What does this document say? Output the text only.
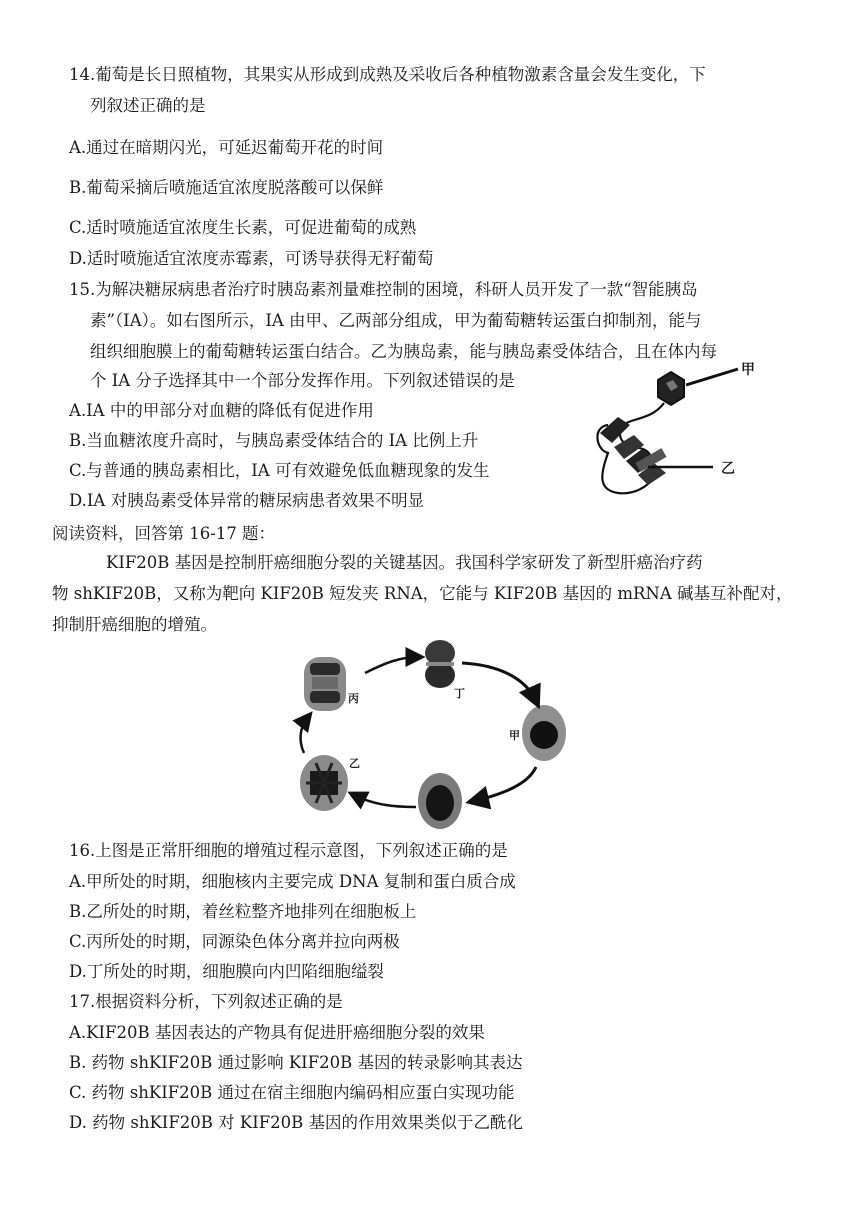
14.葡萄是长日照植物，其果实从形成到成熟及采收后各种植物激素含量会发生变化，下
列叙述正确的是
A.通过在暗期闪光，可延迟葡萄开花的时间
B.葡萄采摘后喷施适宜浓度脱落酸可以保鲜
C.适时喷施适宜浓度生长素，可促进葡萄的成熟
D.适时喷施适宜浓度赤霉素，可诱导获得无籽葡萄
15.为解决糖尿病患者治疗时胰岛素剂量难控制的困境，科研人员开发了一款“智能胰岛
素”（IA）。如右图所示，IA 由甲、乙两部分组成，甲为葡萄糖转运蛋白抑制剂，能与
组织细胞膜上的葡萄糖转运蛋白结合。乙为胰岛素，能与胰岛素受体结合，且在体内每
个 IA 分子选择其中一个部分发挥作用。下列叙述错误的是
A.IA 中的甲部分对血糖的降低有促进作用
B.当血糖浓度升高时，与胰岛素受体结合的 IA 比例上升
C.与普通的胰岛素相比，IA 可有效避免低血糖现象的发生
D.IA 对胰岛素受体异常的糖尿病患者效果不明显
甲
乙
阅读资料，回答第 16-17 题：
KIF20B 基因是控制肝癌细胞分裂的关键基因。我国科学家研发了新型肝癌治疗药
物 shKIF20B，又称为靶向 KIF20B 短发夹 RNA，它能与 KIF20B 基因的 mRNA 碱基互补配对，
抑制肝癌细胞的增殖。
丙	丁
甲
乙
16.上图是正常肝细胞的增殖过程示意图，下列叙述正确的是
A.甲所处的时期，细胞核内主要完成 DNA 复制和蛋白质合成
B.乙所处的时期，着丝粒整齐地排列在细胞板上
C.丙所处的时期，同源染色体分离并拉向两极
D.丁所处的时期，细胞膜向内凹陷细胞缢裂
17.根据资料分析，下列叙述正确的是
A.KIF20B 基因表达的产物具有促进肝癌细胞分裂的效果
B. 药物 shKIF20B 通过影响 KIF20B 基因的转录影响其表达
C. 药物 shKIF20B 通过在宿主细胞内编码相应蛋白实现功能
D. 药物 shKIF20B 对 KIF20B 基因的作用效果类似于乙酰化
